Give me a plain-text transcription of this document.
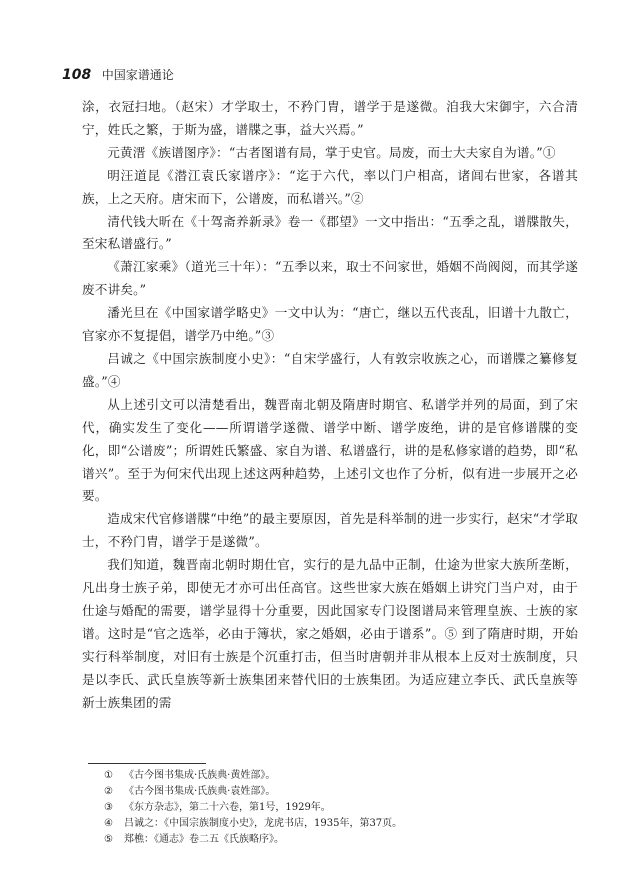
108 中国家谱通论

涂，衣冠扫地。（赵宋）才学取士，不矜门胄，谱学于是遂微。洎我大宋御宇，六合清宁，姓氏之繁，于斯为盛，谱牒之事，益大兴焉。”

元黄溍《族谱图序》：“古者图谱有局，掌于史官。局废，而士大夫家自为谱。”①

明汪道昆《潜江袁氏家谱序》：“迄于六代，率以门户相高，诸闾右世家，各谱其族，上之天府。唐宋而下，公谱废，而私谱兴。”②

清代钱大昕在《十驾斋养新录》卷一《郡望》一文中指出：“五季之乱，谱牒散失，至宋私谱盛行。”

《萧江家乘》（道光三十年）：“五季以来，取士不问家世，婚姻不尚阀阅，而其学遂废不讲矣。”

潘光旦在《中国家谱学略史》一文中认为：“唐亡，继以五代丧乱，旧谱十九散亡，官家亦不复提倡，谱学乃中绝。”③

吕诚之《中国宗族制度小史》：“自宋学盛行，人有敦宗收族之心，而谱牒之纂修复盛。”④

从上述引文可以清楚看出，魏晋南北朝及隋唐时期官、私谱学并列的局面，到了宋代，确实发生了变化——所谓谱学遂微、谱学中断、谱学废绝，讲的是官修谱牒的变化，即“公谱废”；所谓姓氏繁盛、家自为谱、私谱盛行，讲的是私修家谱的趋势，即“私谱兴”。至于为何宋代出现上述这两种趋势，上述引文也作了分析，似有进一步展开之必要。

造成宋代官修谱牒“中绝”的最主要原因，首先是科举制的进一步实行，赵宋“才学取士，不矜门胄，谱学于是遂微”。

我们知道，魏晋南北朝时期仕官，实行的是九品中正制，仕途为世家大族所垄断，凡出身士族子弟，即使无才亦可出任高官。这些世家大族在婚姻上讲究门当户对，由于仕途与婚配的需要，谱学显得十分重要，因此国家专门设图谱局来管理皇族、士族的家谱。这时是“官之选举，必由于簿状，家之婚姻，必由于谱系”。⑤ 到了隋唐时期，开始实行科举制度，对旧有士族是个沉重打击，但当时唐朝并非从根本上反对士族制度，只是以李氏、武氏皇族等新士族集团来替代旧的士族集团。为适应建立李氏、武氏皇族等新士族集团的需

① 《古今图书集成·氏族典·黄姓部》。
② 《古今图书集成·氏族典·袁姓部》。
③ 《东方杂志》，第二十六卷，第1号，1929年。
④ 吕诚之：《中国宗族制度小史》，龙虎书店，1935年，第37页。
⑤ 郑樵：《通志》卷二五《氏族略序》。
